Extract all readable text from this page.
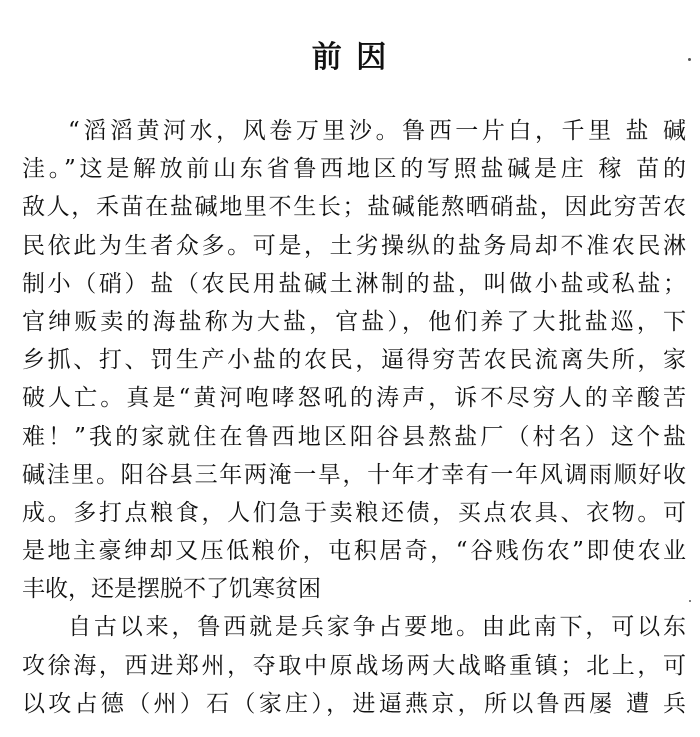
前 因
“滔滔黄河水，风卷万里沙。鲁西一片白，千里 盐 碱
洼。”这是解放前山东省鲁西地区的写照盐碱是庄 稼 苗的
敌人，禾苗在盐碱地里不生长；盐碱能熬晒硝盐，因此穷苦农
民依此为生者众多。可是，土劣操纵的盐务局却不准农民淋
制小（硝）盐（农民用盐碱土淋制的盐，叫做小盐或私盐；
官绅贩卖的海盐称为大盐，官盐），他们养了大批盐巡，下
乡抓、打、罚生产小盐的农民，逼得穷苦农民流离失所，家
破人亡。真是“黄河咆哮怒吼的涛声，诉不尽穷人的辛酸苦
难！”我的家就住在鲁西地区阳谷县熬盐厂（村名）这个盐
碱洼里。阳谷县三年两淹一旱，十年才幸有一年风调雨顺好收
成。多打点粮食，人们急于卖粮还债，买点农具、衣物。可
是地主豪绅却又压低粮价，屯积居奇，“谷贱伤农”即使农业
丰收，还是摆脱不了饥寒贫困
自古以来，鲁西就是兵家争占要地。由此南下，可以东
攻徐海，西进郑州，夺取中原战场两大战略重镇；北上，可
以攻占德（州）石（家庄），进逼燕京，所以鲁西屡 遭 兵
